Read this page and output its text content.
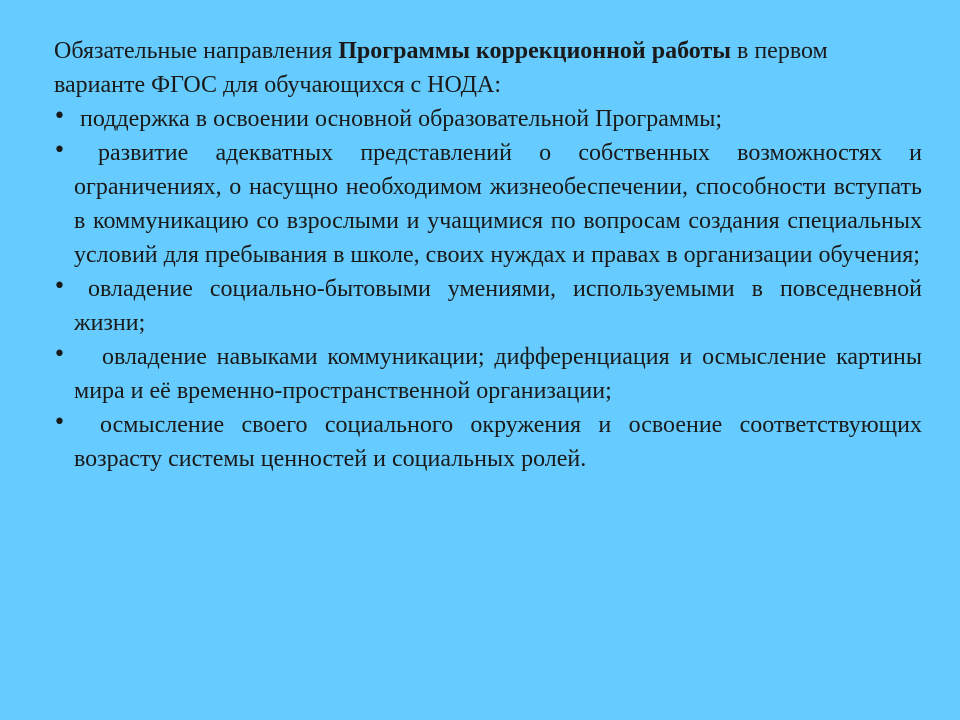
Обязательные направления Программы коррекционной работы в первом варианте ФГОС для обучающихся с НОДА:

• поддержка в освоении основной образовательной Программы;
•	развитие адекватных представлений о собственных возможностях и ограничениях, о насущно необходимом жизнеобеспечении, способности вступать в коммуникацию со взрослыми и учащимися по вопросам создания специальных условий для пребывания в школе, своих нуждах и правах в организации обучения;
• овладение социально-бытовыми умениями, используемыми в повседневной жизни;
•	овладение навыками коммуникации; дифференциация и осмысление картины мира и её временно-пространственной организации;
•	осмысление своего социального окружения и освоение соответствующих возрасту системы ценностей и социальных ролей.
